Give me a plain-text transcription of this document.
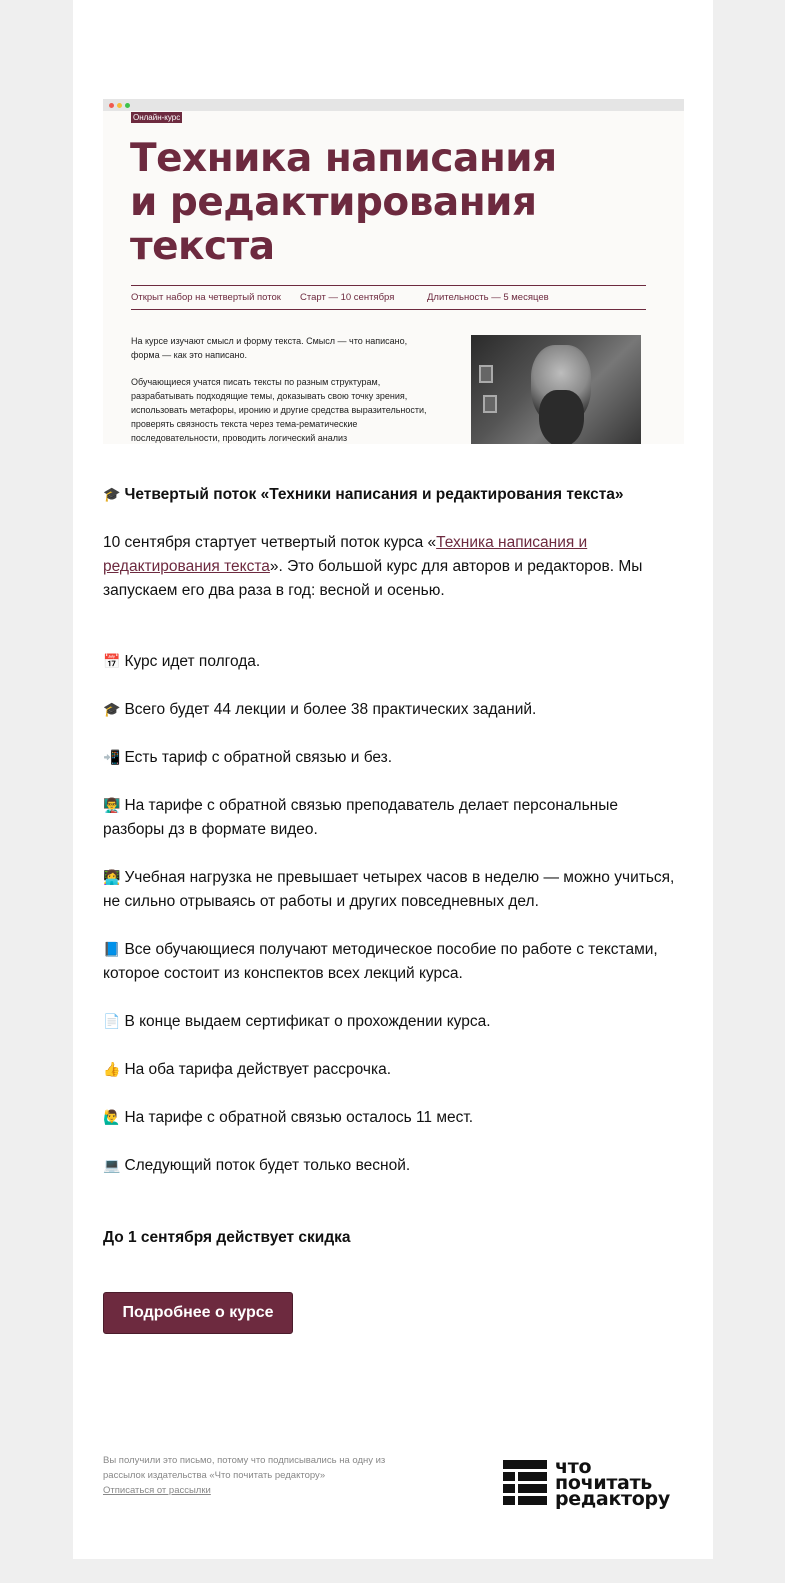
Онлайн-курс
Техника написания
и редактирования
текста
Открыт набор на четвертый поток Старт — 10 сентября	Длительность — 5 месяцев
На курсе изучают смысл и форму текста. Смысл — что написано, форма — как это написано.
Обучающиеся учатся писать тексты по разным структурам, разрабатывать подходящие темы, доказывать свою точку зрения, использовать метафоры, иронию и другие средства выразительности, проверять связность текста через тема-рематические последовательности, проводить логический анализ
🎓 Четвертый поток «Техники написания и редактирования текста»
10 сентября стартует четвертый поток курса «Техника написания и редактирования текста». Это большой курс для авторов и редакторов. Мы запускаем его два раза в год: весной и осенью.
📅 Курс идет полгода.
🎓 Всего будет 44 лекции и более 38 практических заданий.
📲 Есть тариф с обратной связью и без.
👨‍🏫 На тарифе с обратной связью преподаватель делает персональные разборы дз в формате видео.
👩‍💻 Учебная нагрузка не превышает четырех часов в неделю — можно учиться, не сильно отрываясь от работы и других повседневных дел.
📘 Все обучающиеся получают методическое пособие по работе с текстами, которое состоит из конспектов всех лекций курса.
📄 В конце выдаем сертификат о прохождении курса.
👍 На оба тарифа действует рассрочка.
🙋‍♂️ На тарифе с обратной связью осталось 11 мест.
💻 Следующий поток будет только весной.
До 1 сентября действует скидка
Подробнее о курсе
Вы получили это письмо, потому что подписывались на одну из рассылок издательства «Что почитать редактору»
Отписаться от рассылки
что
почитать
редактору
